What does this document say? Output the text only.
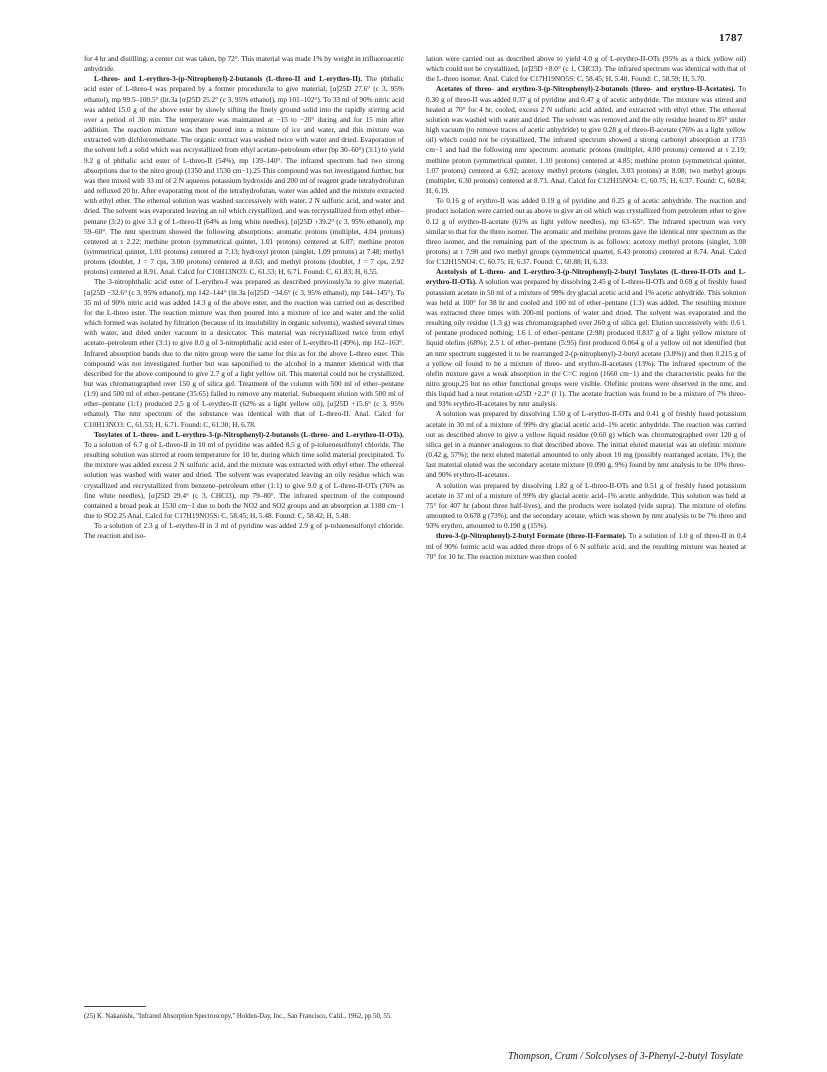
1787

for 4 hr and distilling; a center cut was taken, bp 72°. This material was made 1% by weight in trifluoroacetic anhydride.

L-threo- and L-erythro-3-(p-Nitrophenyl)-2-butanols (L-threo-II and L-erythro-II). The phthalic acid ester of L-threo-I was prepared by a former procedure3a to give material, [α]25D 27.6° (c 3, 95% ethanol), mp 99.5–100.5° (lit.3a [α]25D 25.2° (c 3, 95% ethanol), mp 101–102°). To 33 ml of 90% nitric acid was added 15.0 g of the above ester by slowly sifting the finely ground solid into the rapidly stirring acid over a period of 30 min. The temperature was maintained at −15 to −20° during and for 15 min after addition. The reaction mixture was then poured into a mixture of ice and water, and this mixture was extracted with dichloromethane. The organic extract was washed twice with water and dried. Evaporation of the solvent left a solid which was recrystallized from ethyl acetate–petroleum ether (bp 30–60°) (3:1) to yield 9.2 g of phthalic acid ester of L-threo-II (54%), mp 139–140°. The infrared spectrum had two strong absorptions due to the nitro group (1350 and 1530 cm−1).25 This compound was not investigated further, but was then mixed with 33 ml of 2 N aqueous potassium hydroxide and 200 ml of reagent grade tetrahydrofuran and refluxed 20 hr. After evaporating most of the tetrahydrofuran, water was added and the mixture extracted with ethyl ether. The ethereal solution was washed successively with water, 2 N sulfuric acid, and water and dried. The solvent was evaporated leaving an oil which crystallized, and was recrystallized from ethyl ether–pentane (3:2) to give 3.3 g of L-threo-II (64% as long white needles), [α]25D +39.2° (c 3, 95% ethanol), mp 59–60°. The nmr spectrum showed the following absorptions: aromatic protons (multiplet, 4.04 protons) centered at τ 2.22; methine proton (symmetrical quintet, 1.01 protons) centered at 6.07; methine proton (symmetrical quintet, 1.01 protons) centered at 7.13; hydroxyl proton (singlet, 1.09 protons) at 7.48; methyl protons (doublet, J = 7 cps, 3.00 protons) centered at 8.63; and methyl protons (doublet, J = 7 cps, 2.92 protons) centered at 8.91. Anal. Calcd for C10H13NO3: C, 61.53; H, 6.71. Found: C, 61.83; H, 6.55.

The 3-nitrophthalic acid ester of L-erythro-I was prepared as described previously3a to give material, [α]25D −32.6° (c 3, 95% ethanol), mp 142–144° (lit.3a [α]25D −34.6° (c 3, 95% ethanol), mp 144–145°). To 35 ml of 90% nitric acid was added 14.3 g of the above ester, and the reaction was carried out as described for the L-threo ester. The reaction mixture was then poured into a mixture of ice and water and the solid which formed was isolated by filtration (because of its insolubility in organic solvents), washed several times with water, and dried under vacuum in a desiccator. This material was recrystallized twice from ethyl acetate–petroleum ether (3:1) to give 8.0 g of 3-nitrophthalic acid ester of L-erythro-II (49%), mp 162–163°. Infrared absorption bands due to the nitro group were the same for this as for the above L-threo ester. This compound was not investigated further but was saponified to the alcohol in a manner identical with that described for the above compound to give 2.7 g of a light yellow oil. This material could not be crystallized, but was chromatographed over 150 g of silica gel. Treatment of the column with 500 ml of ether–pentane (1:9) and 500 ml of ether–pentane (35:65) failed to remove any material. Subsequent elution with 500 ml of ether–pentane (1:1) produced 2.5 g of L-erythro-II (62% as a light yellow oil), [α]25D +15.6° (c 3, 95% ethanol). The nmr spectrum of the substance was identical with that of L-threo-II. Anal. Calcd for C10H13NO3: C, 61.53; H, 6.71. Found: C, 61.30; H, 6.78.

Tosylates of L-threo- and L-erythro-3-(p-Nitrophenyl)-2-butanols (L-threo- and L-erythro-II-OTs). To a solution of 6.7 g of L-threo-II in 10 ml of pyridine was added 8.5 g of p-toluenesulfonyl chloride. The resulting solution was stirred at room temperature for 10 hr, during which time solid material precipitated. To the mixture was added excess 2 N sulfuric acid, and the mixture was extracted with ethyl ether. The ethereal solution was washed with water and dried. The solvent was evaporated leaving an oily residue which was crystallized and recrystallized from benzene–petroleum ether (1:1) to give 9.0 g of L-threo-II-OTs (76% as fine white needles), [α]25D 29.4° (c 3, CHCl3), mp 79–80°. The infrared spectrum of the compound contained a broad peak at 1530 cm−1 due to both the NO2 and SO2 groups and an absorption at 1180 cm−1 due to SO2.25 Anal. Calcd for C17H19NO5S: C, 58.45; H, 5.48. Found: C, 58.42; H, 5.48.

To a solution of 2.3 g of L-erythro-II in 3 ml of pyridine was added 2.9 g of p-toluenesulfonyl chloride. The reaction and iso-

lation were carried out as described above to yield 4.0 g of L-erythro-II-OTs (95% as a thick yellow oil) which could not be crystallized, [α]25D +8.0° (c 1, CHCl3). The infrared spectrum was identical with that of the L-threo isomer. Anal. Calcd for C17H19NO5S: C, 58.45; H, 5.48. Found: C, 58.59; H, 5.70.

Acetates of threo- and erythro-3-(p-Nitrophenyl)-2-butanols (threo- and erythro-II-Acetates). To 0.30 g of threo-II was added 0.37 g of pyridine and 0.47 g of acetic anhydride. The mixture was stirred and heated at 70° for 4 hr, cooled, excess 2 N sulfuric acid added, and extracted with ethyl ether. The ethereal solution was washed with water and dried. The solvent was removed and the oily residue heated to 85° under high vacuum (to remove traces of acetic anhydride) to give 0.28 g of threo-II-acetate (76% as a light yellow oil) which could not be crystallized. The infrared spectrum showed a strong carbonyl absorption at 1735 cm−1 and had the following nmr spectrum: aromatic protons (multiplet, 4.00 protons) centered at τ 2.19; methine proton (symmetrical quintet, 1.10 protons) centered at 4.85; methine proton (symmetrical quintet, 1.07 protons) centered at 6.92; acetoxy methyl protons (singlet, 3.03 protons) at 8.08; two methyl groups (multiplet, 6.30 protons) centered at 8.73. Anal. Calcd for C12H15NO4: C, 60.75; H, 6.37. Found: C, 60.84; H, 6.19.

To 0.16 g of erythro-II was added 0.19 g of pyridine and 0.25 g of acetic anhydride. The reaction and product isolation were carried out as above to give an oil which was crystallized from petroleum ether to give 0.12 g of erythro-II-acetate (61% as light yellow needles), mp 63–65°. The infrared spectrum was very similar to that for the threo isomer. The aromatic and methine protons gave the identical nmr spectrum as the threo isomer, and the remaining part of the spectrum is as follows: acetoxy methyl protons (singlet, 3.08 protons) at τ 7.90 and two methyl groups (symmetrical quartet, 6.43 protons) centered at 8.74. Anal. Calcd for C12H15NO4: C, 60.75; H, 6.37. Found: C, 60.88; H, 6.33.

Acetolysis of L-threo- and L-erythro-3-(p-Nitrophenyl)-2-butyl Tosylates (L-threo-II-OTs and L-erythro-II-OTs). A solution was prepared by dissolving 2.45 g of L-threo-II-OTs and 0.69 g of freshly fused potassium acetate in 50 ml of a mixture of 99% dry glacial acetic acid and 1% acetic anhydride. This solution was held at 100° for 38 hr and cooled and 100 ml of ether–pentane (1:3) was added. The resulting mixture was extracted three times with 200-ml portions of water and dried. The solvent was evaporated and the resulting oily residue (1.3 g) was chromatographed over 260 g of silica gel. Elution successively with: 0.6 l. of pentane produced nothing; 1.6 l. of ether–pentane (2:98) produced 0.837 g of a light yellow mixture of liquid olefins (68%); 2.5 l. of ether–pentane (5:95) first produced 0.064 g of a yellow oil not identified (but an nmr spectrum suggested it to be rearranged 2-(p-nitrophenyl)-2-butyl acetate (3.8%)) and then 0.215 g of a yellow oil found to be a mixture of threo- and erythro-II-acetates (13%). The infrared spectrum of the olefin mixture gave a weak absorption in the C=C region (1660 cm−1) and the characteristic peaks for the nitro group,25 but no other functional groups were visible. Olefinic protons were observed in the nmr, and this liquid had a neat rotation α25D +2.2° (l 1). The acetate fraction was found to be a mixture of 7% threo- and 93% erythro-II-acetates by nmr analysis.

A solution was prepared by dissolving 1.50 g of L-erythro-II-OTs and 0.41 g of freshly fused potassium acetate in 30 ml of a mixture of 99% dry glacial acetic acid–1% acetic anhydride. The reaction was carried out as described above to give a yellow liquid residue (0.60 g) which was chromatographed over 120 g of silica gel in a manner analogous to that described above. The initial eluted material was an olefinic mixture (0.42 g, 57%); the next eluted material amounted to only about 10 mg (possibly rearranged acetate, 1%); the last material eluted was the secondary acetate mixture (0.090 g, 9%) found by nmr analysis to be 10% threo- and 90% erythro-II-acetates.

A solution was prepared by dissolving 1.82 g of L-threo-II-OTs and 0.51 g of freshly fused potassium acetate in 37 ml of a mixture of 99% dry glacial acetic acid–1% acetic anhydride. This solution was held at 75° for 407 hr (about three half-lives), and the products were isolated (vide supra). The mixture of olefins amounted to 0.678 g (73%), and the secondary acetate, which was shown by nmr analysis to be 7% threo and 93% erythro, amounted to 0.190 g (15%).

threo-3-(p-Nitrophenyl)-2-butyl Formate (threo-II-Formate). To a solution of 1.0 g of threo-II in 0.4 ml of 90% formic acid was added three drops of 6 N sulfuric acid, and the resulting mixture was heated at 70° for 10 hr. The reaction mixture was then cooled

(25) K. Nakanishi, "Infrared Absorption Spectroscopy," Holden-Day, Inc., San Francisco, Calif., 1962, pp 50, 55.

Thompson, Cram / Solcolyses of 3-Phenyl-2-butyl Tosylate
